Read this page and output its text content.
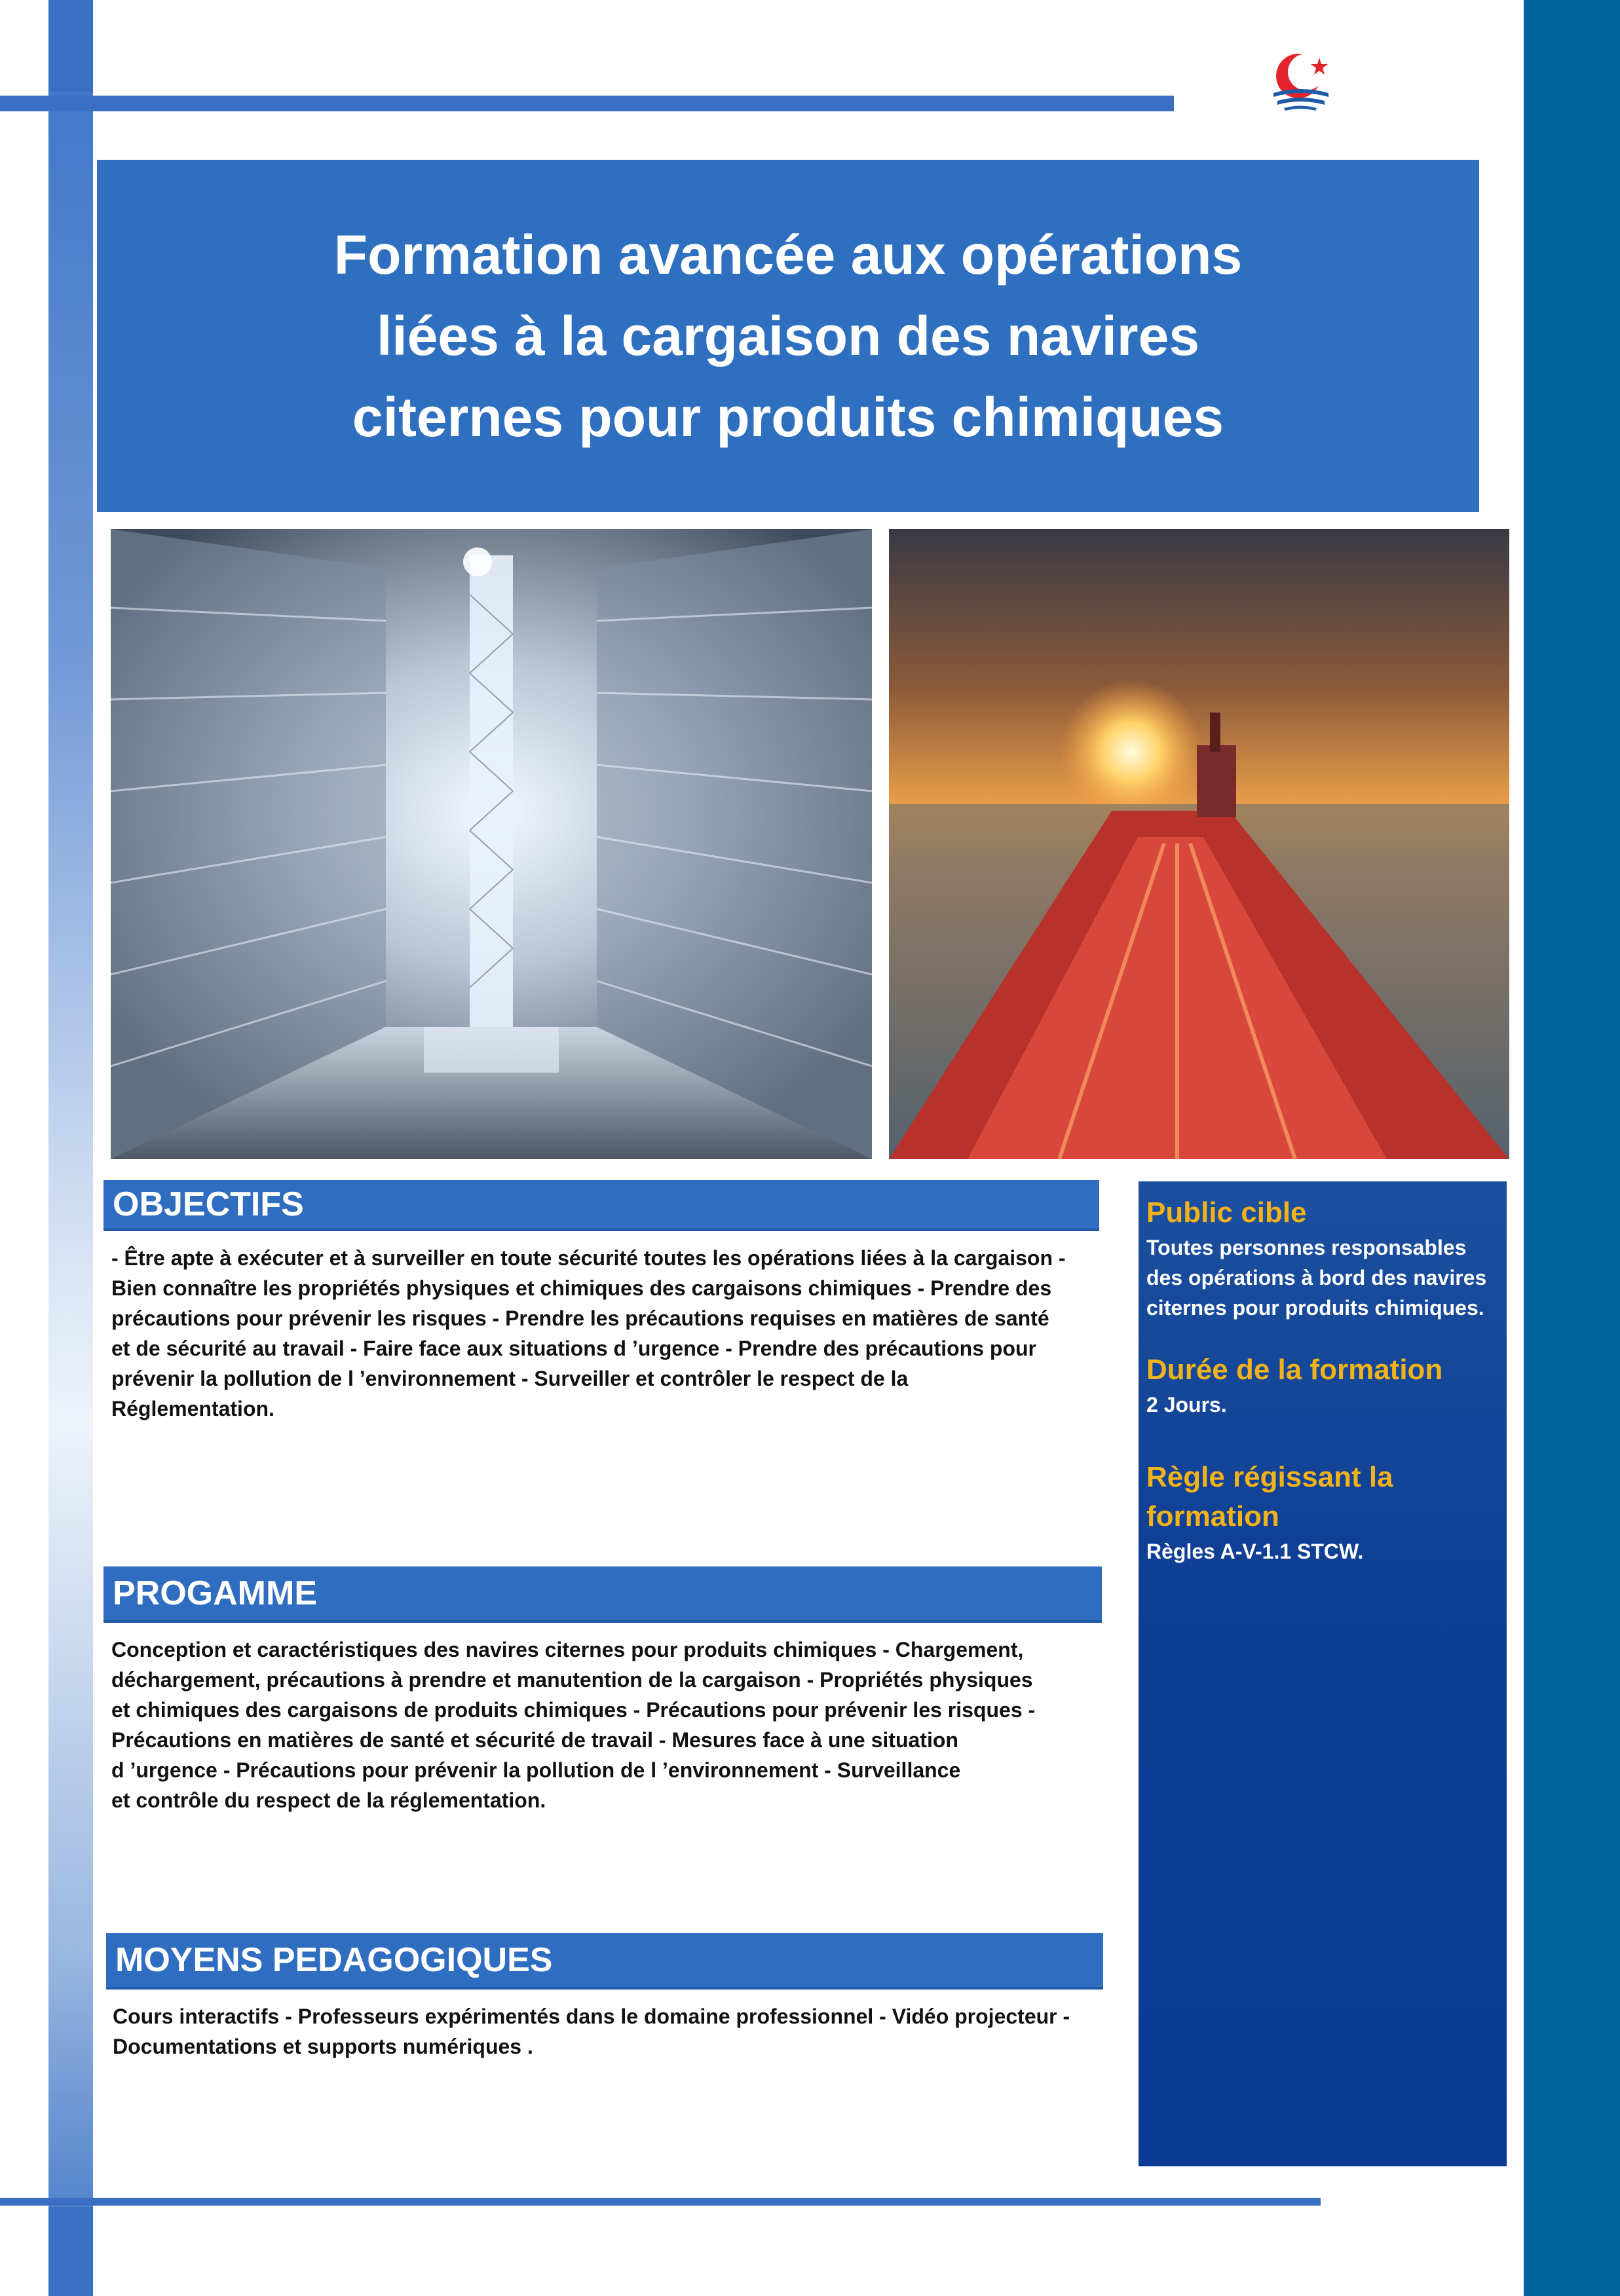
Formation avancée aux opérations liées à la cargaison des navires citernes pour produits chimiques
OBJECTIFS

- Être apte à exécuter et à surveiller en toute sécurité toutes les opérations liées à la cargaison -
Bien connaître les propriétés physiques et chimiques des cargaisons chimiques - Prendre des
précautions pour prévenir les risques - Prendre les précautions requises en matières de santé
et de sécurité au travail - Faire face aux situations d ’urgence - Prendre des précautions pour
prévenir la pollution de l ’environnement - Surveiller et contrôler le respect de la
Réglementation.

PROGAMME

Conception et caractéristiques des navires citernes pour produits chimiques - Chargement,
déchargement, précautions à prendre et manutention de la cargaison - Propriétés physiques
et chimiques des cargaisons de produits chimiques - Précautions pour prévenir les risques -
Précautions en matières de santé et sécurité de travail - Mesures face à une situation
d ’urgence - Précautions pour prévenir la pollution de l ’environnement - Surveillance
et contrôle du respect de la réglementation.

MOYENS PEDAGOGIQUES

Cours interactifs - Professeurs expérimentés dans le domaine professionnel - Vidéo projecteur -
Documentations et supports numériques .

Public cible

Toutes personnes responsables
des opérations à bord des navires
citernes pour produits chimiques.

Durée de la formation

2 Jours.

Règle régissant la
formation

Règles A-V-1.1 STCW.
